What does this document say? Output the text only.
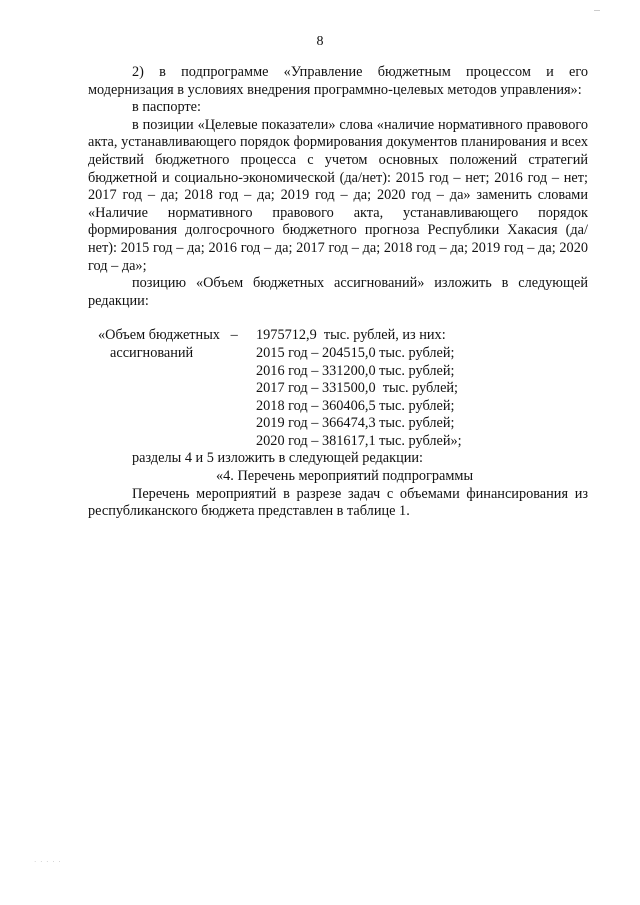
8

2) в подпрограмме «Управление бюджетным процессом и его модернизация в условиях внедрения программно-целевых методов управления»:

в паспорте:

в позиции «Целевые показатели» слова «наличие нормативного правового акта, устанавливающего порядок формирования документов планирования и всех действий бюджетного процесса с учетом основных положений стратегий бюджетной и социально-экономической (да/нет): 2015 год – нет; 2016 год – нет; 2017 год – да; 2018 год – да; 2019 год – да; 2020 год – да» заменить словами «Наличие нормативного правового акта, устанавливающего порядок формирования долгосрочного бюджетного прогноза Республики Хакасия (да/нет): 2015 год – да; 2016 год – да; 2017 год – да; 2018 год – да; 2019 год – да; 2020 год – да»;

позицию «Объем бюджетных ассигнований» изложить в следующей редакции:

«Объем бюджетных   –
ассигнований
1975712,9  тыс. рублей, из них:
2015 год – 204515,0 тыс. рублей;
2016 год – 331200,0 тыс. рублей;
2017 год – 331500,0  тыс. рублей;
2018 год – 360406,5 тыс. рублей;
2019 год – 366474,3 тыс. рублей;
2020 год – 381617,1 тыс. рублей»;

разделы 4 и 5 изложить в следующей редакции:

«4. Перечень мероприятий подпрограммы

Перечень мероприятий в разрезе задач с объемами финансирования из республиканского бюджета представлен в таблице 1.

· · · · ·
